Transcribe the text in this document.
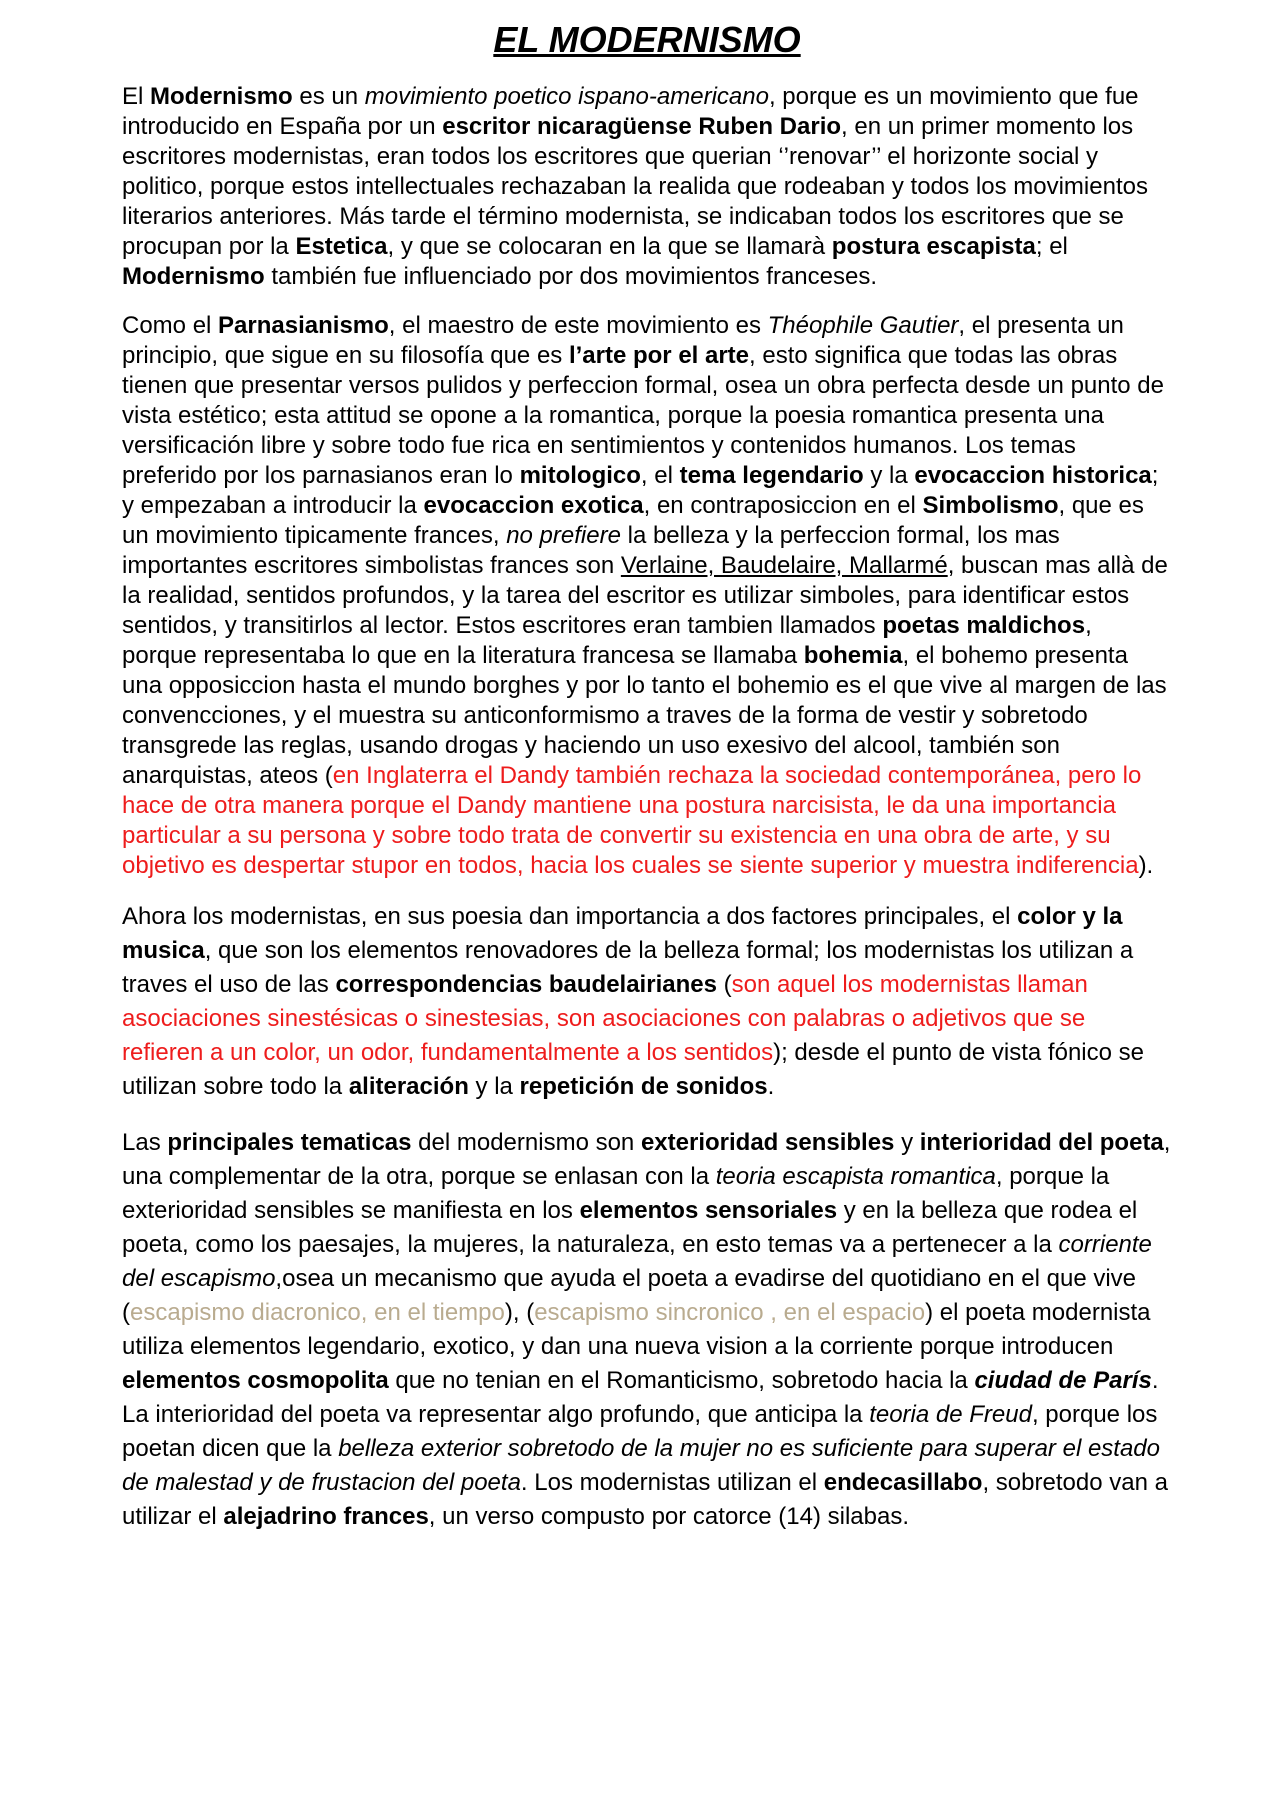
EL MODERNISMO

El Modernismo es un movimiento poetico ispano-americano, porque es un movimiento que fue introducido en España por un escritor nicaragüense Ruben Dario, en un primer momento los escritores modernistas, eran todos los escritores que querian ‘’renovar’’ el horizonte social y politico, porque estos intellectuales rechazaban la realida que rodeaban y todos los movimientos literarios anteriores. Más tarde el término modernista, se indicaban todos los escritores que se procupan por la Estetica, y que se colocaran en la que se llamarà postura escapista; el Modernismo también fue influenciado por dos movimientos franceses.

Como el Parnasianismo, el maestro de este movimiento es Théophile Gautier, el presenta un principio, que sigue en su filosofía que es l’arte por el arte, esto significa que todas las obras tienen que presentar versos pulidos y perfeccion formal, osea un obra perfecta desde un punto de vista estético; esta attitud se opone a la romantica, porque la poesia romantica presenta una versificación libre y sobre todo fue rica en sentimientos y contenidos humanos. Los temas preferido por los parnasianos eran lo mitologico, el tema legendario y la evocaccion historica; y empezaban a introducir la evocaccion exotica, en contraposiccion en el Simbolismo, que es un movimiento tipicamente frances, no prefiere la belleza y la perfeccion formal, los mas importantes escritores simbolistas frances son Verlaine, Baudelaire, Mallarmé, buscan mas allà de la realidad, sentidos profundos, y la tarea del escritor es utilizar simboles, para identificar estos sentidos, y transitirlos al lector. Estos escritores eran tambien llamados poetas maldichos, porque representaba lo que en la literatura francesa se llamaba bohemia, el bohemo presenta una opposiccion hasta el mundo borghes y por lo tanto el bohemio es el que vive al margen de las convencciones, y el muestra su anticonformismo a traves de la forma de vestir y sobretodo transgrede las reglas, usando drogas y haciendo un uso exesivo del alcool, también son anarquistas, ateos (en Inglaterra el Dandy también rechaza la sociedad contemporánea, pero lo hace de otra manera porque el Dandy mantiene una postura narcisista, le da una importancia particular a su persona y sobre todo trata de convertir su existencia en una obra de arte, y su objetivo es despertar stupor en todos, hacia los cuales se siente superior y muestra indiferencia).

Ahora los modernistas, en sus poesia dan importancia a dos factores principales, el color y la musica, que son los elementos renovadores de la belleza formal; los modernistas los utilizan a traves el uso de las correspondencias baudelairianes (son aquel los modernistas llaman asociaciones sinestésicas o sinestesias, son asociaciones con palabras o adjetivos que se refieren a un color, un odor, fundamentalmente a los sentidos); desde el punto de vista fónico se utilizan sobre todo la aliteración y la repetición de sonidos.

Las principales tematicas del modernismo son exterioridad sensibles y interioridad del poeta, una complementar de la otra, porque se enlasan con la teoria escapista romantica, porque la exterioridad sensibles se manifiesta en los elementos sensoriales y en la belleza que rodea el poeta, como los paesajes, la mujeres, la naturaleza, en esto temas va a pertenecer a la corriente del escapismo,osea un mecanismo que ayuda el poeta a evadirse del quotidiano en el que vive (escapismo diacronico, en el tiempo), (escapismo sincronico , en el espacio) el poeta modernista utiliza elementos legendario, exotico, y dan una nueva vision a la corriente porque introducen elementos cosmopolita que no tenian en el Romanticismo, sobretodo hacia la ciudad de París. La interioridad del poeta va representar algo profundo, que anticipa la teoria de Freud, porque los poetan dicen que la belleza exterior sobretodo de la mujer no es suficiente para superar el estado de malestad y de frustacion del poeta. Los modernistas utilizan el endecasillabo, sobretodo van a utilizar el alejadrino frances, un verso compusto por catorce (14) silabas.
